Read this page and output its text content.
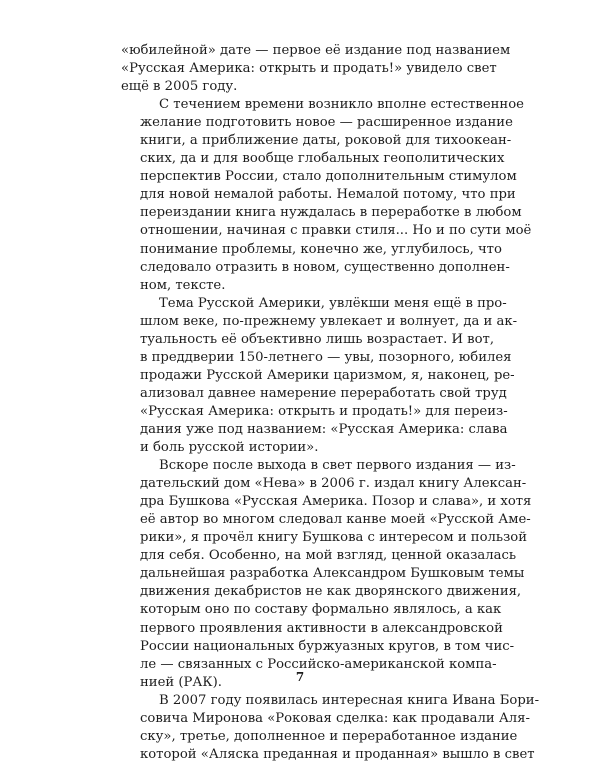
«юбилейной» дате — первое её издание под названием
«Русская Америка: открыть и продать!» увидело свет
ещё в 2005 году.

С течением времени возникло вполне естественное
желание подготовить новое — расширенное издание
книги, а приближение даты, роковой для тихоокеан-
ских, да и для вообще глобальных геополитических
перспектив России, стало дополнительным стимулом
для новой немалой работы. Немалой потому, что при
переиздании книга нуждалась в переработке в любом
отношении, начиная с правки стиля... Но и по сути моё
понимание проблемы, конечно же, углубилось, что
следовало отразить в новом, существенно дополнен-
ном, тексте.

Тема Русской Америки, увлёкши меня ещё в про-
шлом веке, по-прежнему увлекает и волнует, да и ак-
туальность её объективно лишь возрастает. И вот,
в преддверии 150-летнего — увы, позорного, юбилея
продажи Русской Америки царизмом, я, наконец, ре-
ализовал давнее намерение переработать свой труд
«Русская Америка: открыть и продать!» для переиз-
дания уже под названием: «Русская Америка: слава
и боль русской истории».

Вскоре после выхода в свет первого издания — из-
дательский дом «Нева» в 2006 г. издал книгу Алексан-
дра Бушкова «Русская Америка. Позор и слава», и хотя
её автор во многом следовал канве моей «Русской Аме-
рики», я прочёл книгу Бушкова с интересом и пользой
для себя. Особенно, на мой взгляд, ценной оказалась
дальнейшая разработка Александром Бушковым темы
движения декабристов не как дворянского движения,
которым оно по составу формально являлось, а как
первого проявления активности в александровской
России национальных буржуазных кругов, в том чис-
ле — связанных с Российско-американской компа-
нией (РАК).

В 2007 году появилась интересная книга Ивана Бори-
совича Миронова «Роковая сделка: как продавали Аля-
ску», третье, дополненное и переработанное издание
которой «Аляска преданная и проданная» вышло в свет

7
